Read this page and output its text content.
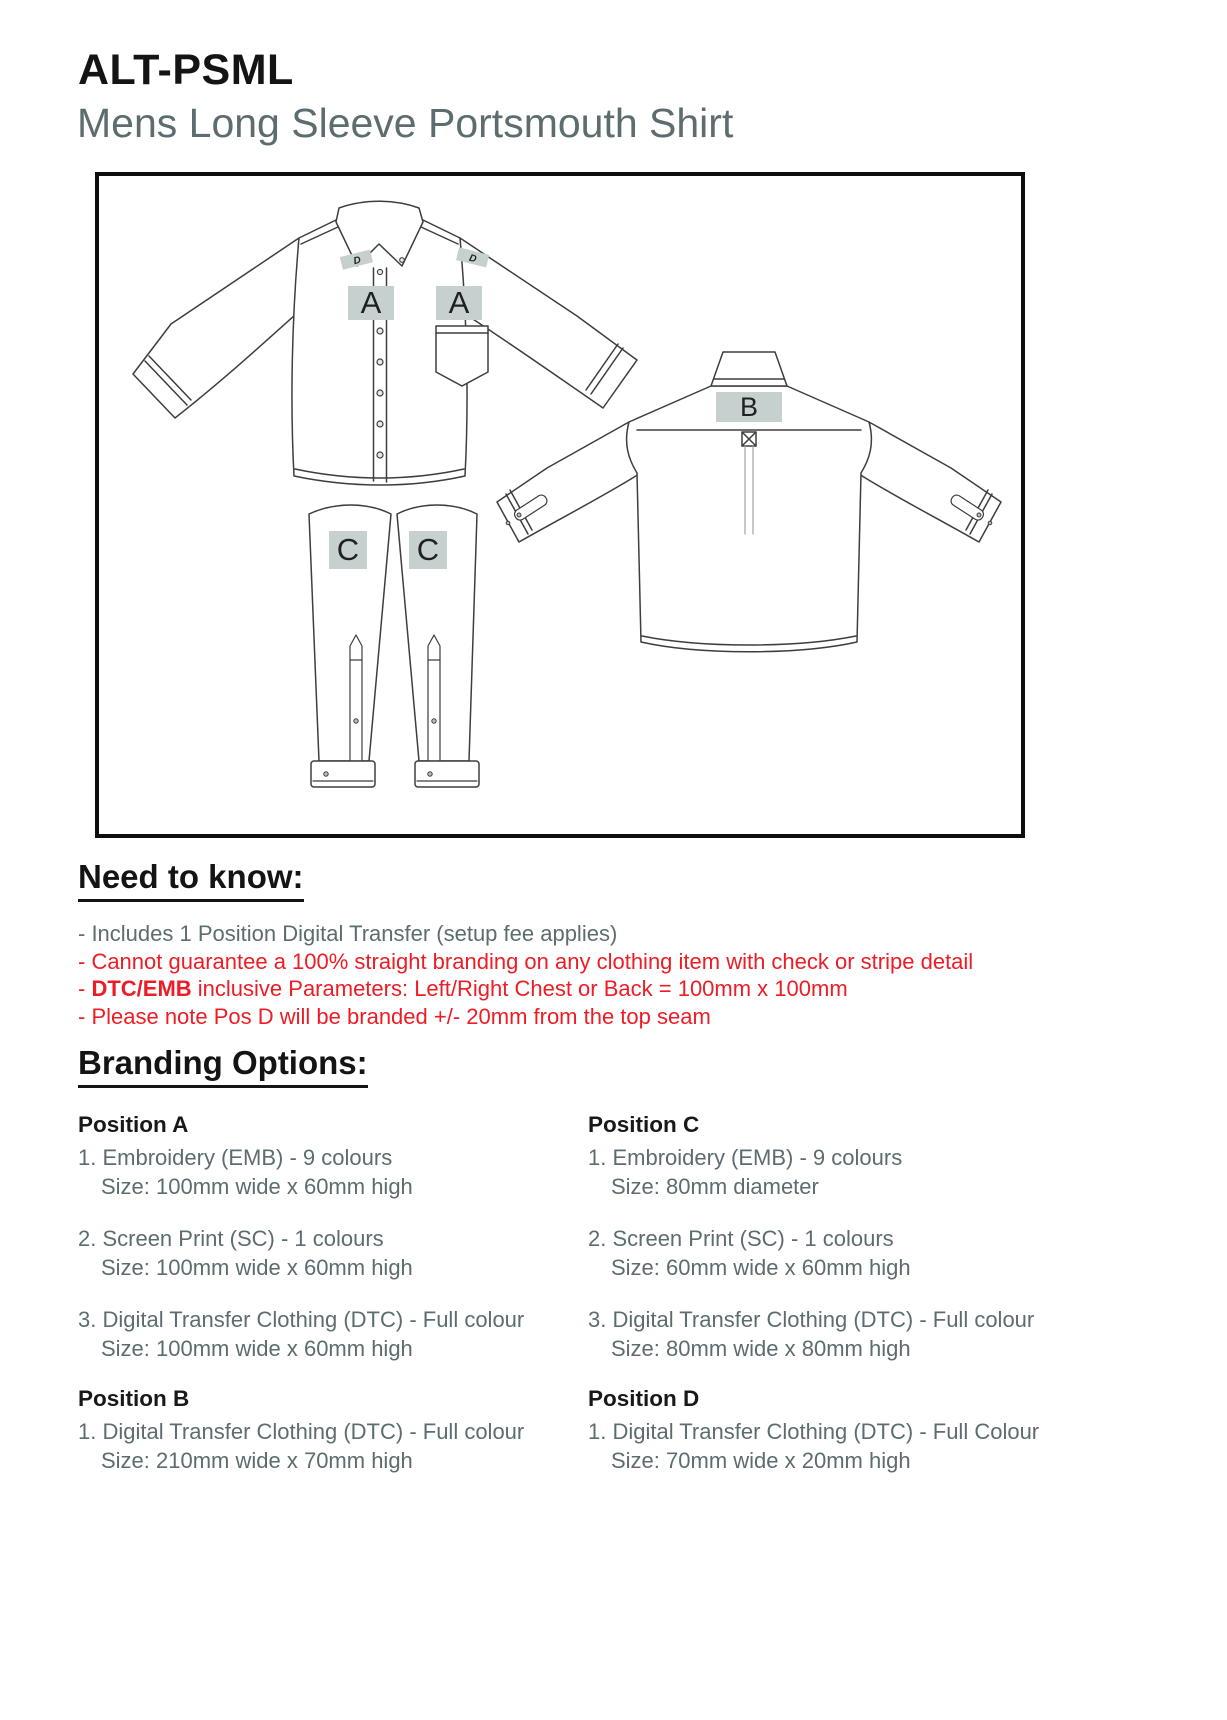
ALT-PSML
Mens Long Sleeve Portsmouth Shirt
D	D
A A
B
C C
Need to know:

- Includes 1 Position Digital Transfer (setup fee applies)

- Cannot guarantee a 100% straight branding on any clothing item with check or stripe detail

- DTC/EMB inclusive Parameters: Left/Right Chest or Back = 100mm x 100mm

- Please note Pos D will be branded +/- 20mm from the top seam

Branding Options:
Position A

1. Embroidery (EMB) - 9 colours

Size: 100mm wide x 60mm high

2. Screen Print (SC) - 1 colours

Size: 100mm wide x 60mm high

3. Digital Transfer Clothing (DTC) - Full colour

Size: 100mm wide x 60mm high

Position B

1. Digital Transfer Clothing (DTC) - Full colour

Size: 210mm wide x 70mm high

Position C

1. Embroidery (EMB) - 9 colours

Size: 80mm diameter

2. Screen Print (SC) - 1 colours

Size: 60mm wide x 60mm high

3. Digital Transfer Clothing (DTC) - Full colour

Size: 80mm wide x 80mm high

Position D

1. Digital Transfer Clothing (DTC) - Full Colour

Size: 70mm wide x 20mm high
